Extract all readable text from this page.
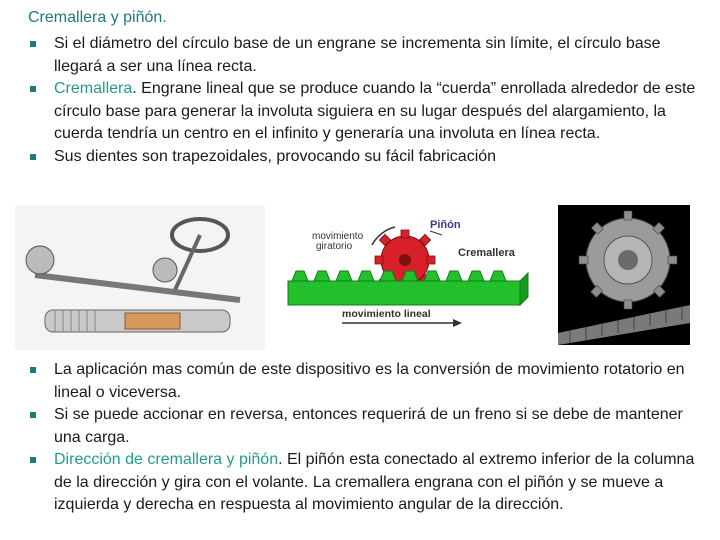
Cremallera y piñón.
Si el diámetro del círculo base de un engrane se incrementa sin límite, el círculo base llegará a ser una línea recta.
Cremallera. Engrane lineal que se produce cuando la “cuerda” enrollada alrededor de este círculo base para generar la involuta siguiera en su lugar después del alargamiento, la cuerda tendría un centro en el infinito y generaría una involuta en línea recta.
Sus dientes son trapezoidales, provocando su fácil fabricación
Piñón
movimiento giratorio
Cremallera
movimiento lineal
La aplicación mas común de este dispositivo es la conversión de movimiento rotatorio en lineal o viceversa.
Si se puede accionar en reversa, entonces requerirá de un freno si se debe de mantener una carga.
Dirección de cremallera y piñón. El piñón esta conectado al extremo inferior de la columna de la dirección y gira con el volante. La cremallera engrana con el piñón y se mueve a izquierda y derecha en respuesta al movimiento angular de la dirección.
